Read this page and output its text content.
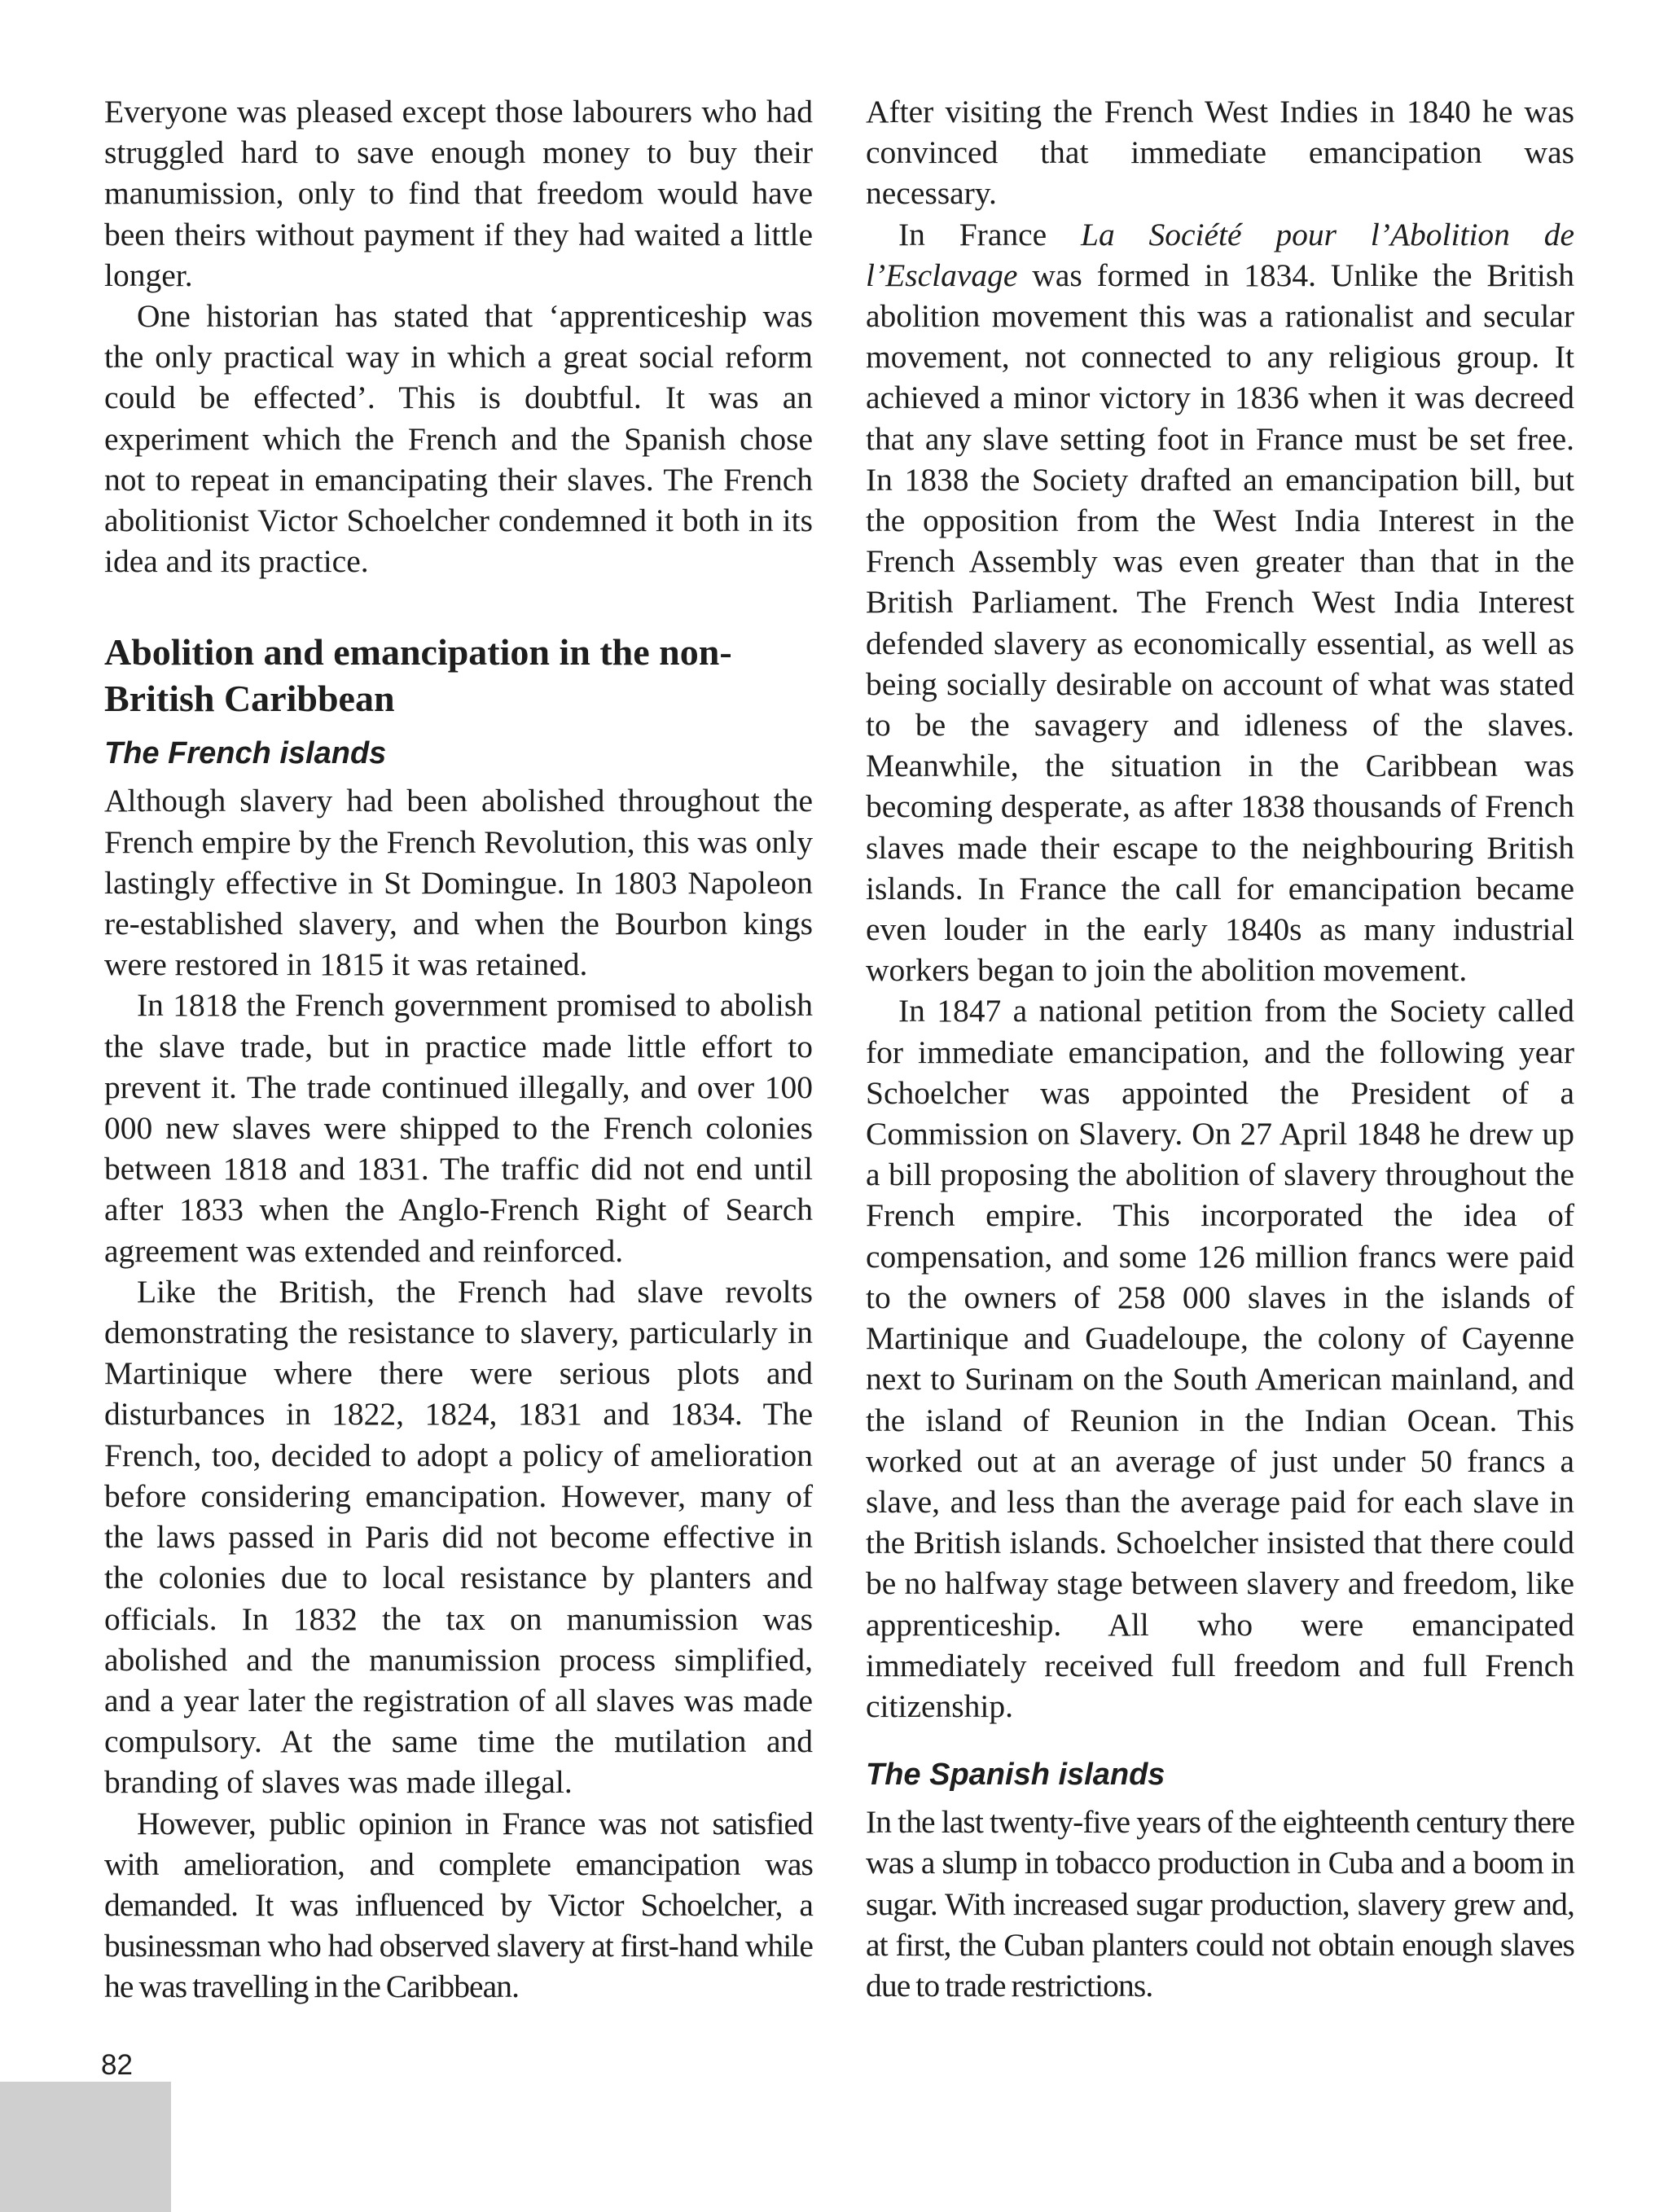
Everyone was pleased except those labourers who had struggled hard to save enough money to buy their manumission, only to find that freedom would have been theirs without payment if they had waited a little longer.

One historian has stated that ‘apprenticeship was the only practical way in which a great social reform could be effected’. This is doubtful. It was an experiment which the French and the Spanish chose not to repeat in emancipating their slaves. The French abolitionist Victor Schoelcher condemned it both in its idea and its practice.

Abolition and emancipation in the non-British Caribbean
The French islands

Although slavery had been abolished throughout the French empire by the French Revolution, this was only lastingly effective in St Domingue. In 1803 Napoleon re-established slavery, and when the Bourbon kings were restored in 1815 it was retained.

In 1818 the French government promised to abolish the slave trade, but in practice made little effort to prevent it. The trade continued illegally, and over 100 000 new slaves were shipped to the French colonies between 1818 and 1831. The traffic did not end until after 1833 when the Anglo-French Right of Search agreement was extended and reinforced.

Like the British, the French had slave revolts demonstrating the resistance to slavery, particularly in Martinique where there were serious plots and disturbances in 1822, 1824, 1831 and 1834. The French, too, decided to adopt a policy of amelioration before considering emancipation. However, many of the laws passed in Paris did not become effective in the colonies due to local resistance by planters and officials. In 1832 the tax on manumission was abolished and the manumission process simplified, and a year later the registration of all slaves was made compulsory. At the same time the mutilation and branding of slaves was made illegal.

However, public opinion in France was not satisfied with amelioration, and complete emancipation was demanded. It was influenced by Victor Schoelcher, a businessman who had observed slavery at first-hand while he was travelling in the Caribbean.

After visiting the French West Indies in 1840 he was convinced that immediate emancipation was necessary.

In France La Société pour l’Abolition de l’Esclavage was formed in 1834. Unlike the British abolition movement this was a rationalist and secular movement, not connected to any religious group. It achieved a minor victory in 1836 when it was decreed that any slave setting foot in France must be set free. In 1838 the Society drafted an emancipation bill, but the opposition from the West India Interest in the French Assembly was even greater than that in the British Parliament. The French West India Interest defended slavery as economically essential, as well as being socially desirable on account of what was stated to be the savagery and idleness of the slaves. Meanwhile, the situation in the Caribbean was becoming desperate, as after 1838 thousands of French slaves made their escape to the neighbouring British islands. In France the call for emancipation became even louder in the early 1840s as many industrial workers began to join the abolition movement.

In 1847 a national petition from the Society called for immediate emancipation, and the following year Schoelcher was appointed the President of a Commission on Slavery. On 27 April 1848 he drew up a bill proposing the abolition of slavery throughout the French empire. This incorporated the idea of compensation, and some 126 million francs were paid to the owners of 258 000 slaves in the islands of Martinique and Guadeloupe, the colony of Cayenne next to Surinam on the South American mainland, and the island of Reunion in the Indian Ocean. This worked out at an average of just under 50 francs a slave, and less than the average paid for each slave in the British islands. Schoelcher insisted that there could be no halfway stage between slavery and freedom, like apprenticeship. All who were emancipated immediately received full freedom and full French citizenship.

The Spanish islands

In the last twenty-five years of the eighteenth century there was a slump in tobacco production in Cuba and a boom in sugar. With increased sugar production, slavery grew and, at first, the Cuban planters could not obtain enough slaves due to trade restrictions.

82
